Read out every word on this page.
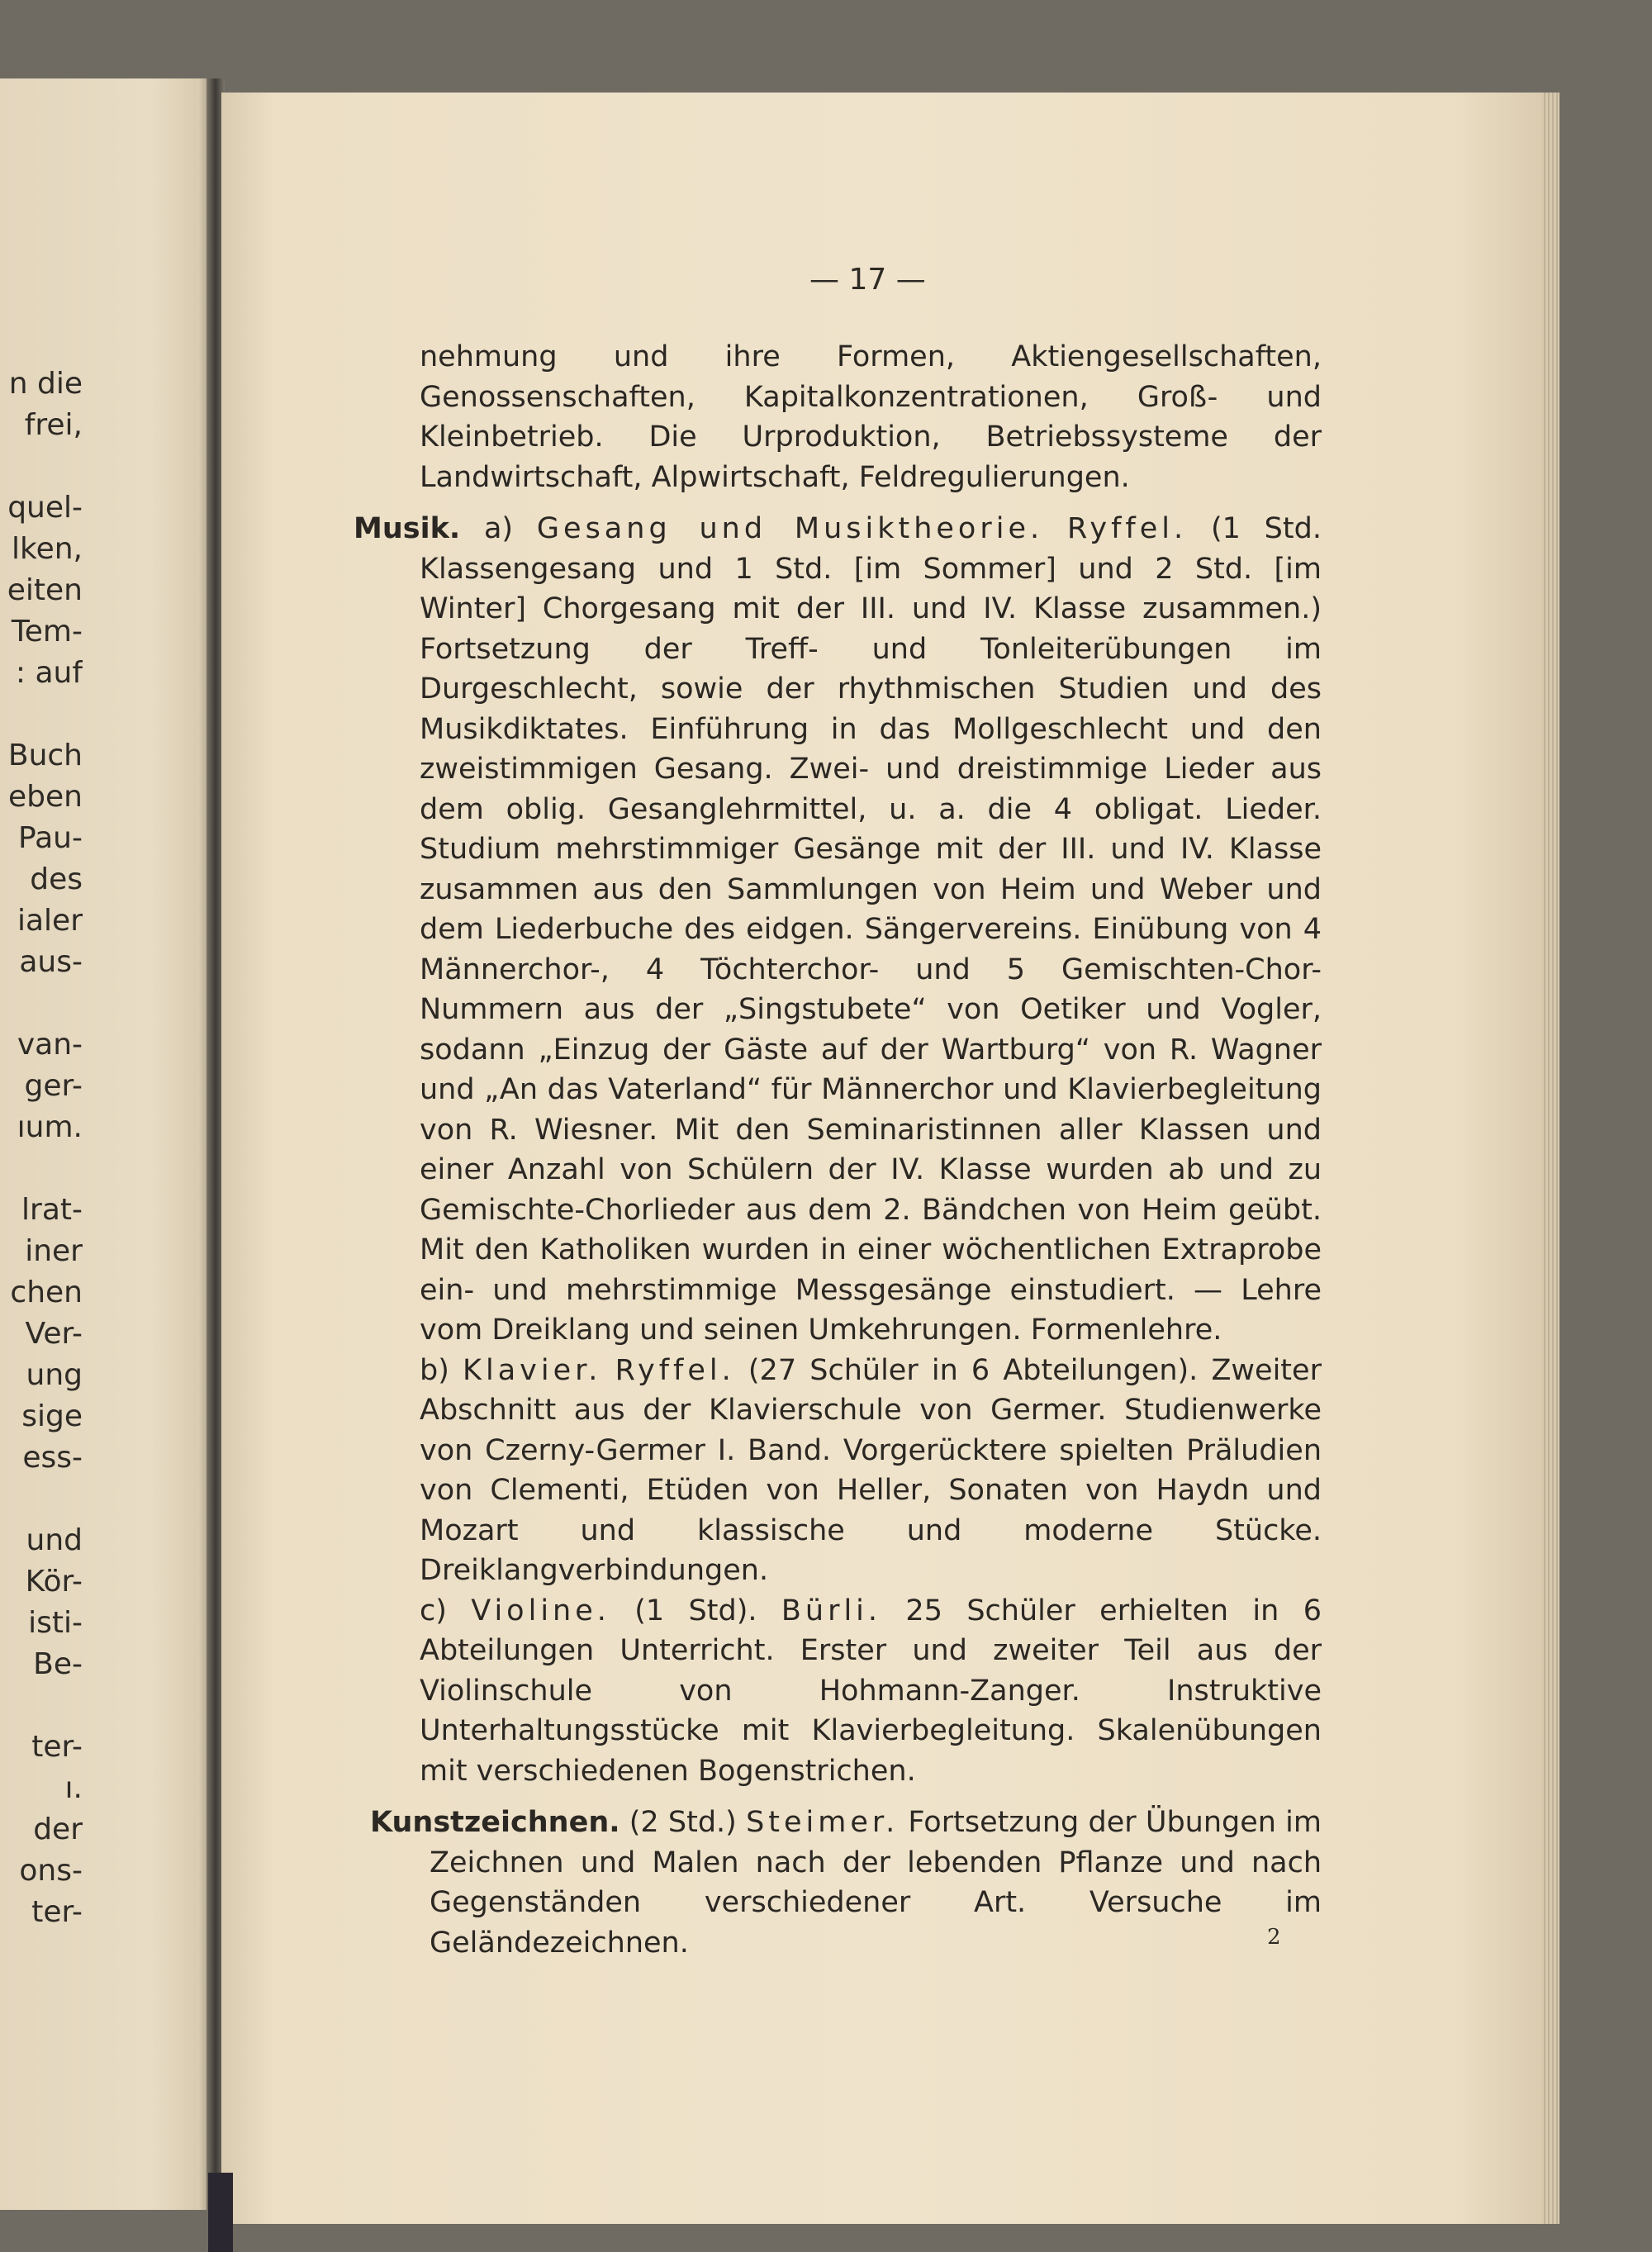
n die
frei,
quel-
lken,
eiten
Tem-
: auf
Buch
eben
Pau-
des
ialer
aus-
van-
ger-
ıum.
lrat-
iner
chen
Ver-
ung
sige
ess-
und
Kör-
isti-
Be-
ter-
ı.
der
ons-
ter-
— 17 —

nehmung und ihre Formen, Aktiengesellschaften, Genossenschaften, Kapitalkonzentrationen, Groß- und Kleinbetrieb. Die Urproduktion, Betriebssysteme der Landwirtschaft, Alpwirtschaft, Feldregulierungen.

Musik. a) Gesang und Musiktheorie. Ryffel. (1 Std. Klassengesang und 1 Std. [im Sommer] und 2 Std. [im Winter] Chorgesang mit der III. und IV. Klasse zusammen.) Fortsetzung der Treff- und Tonleiterübungen im Durgeschlecht, sowie der rhythmischen Studien und des Musikdiktates. Einführung in das Mollgeschlecht und den zweistimmigen Gesang. Zwei- und dreistimmige Lieder aus dem oblig. Gesanglehrmittel, u. a. die 4 obligat. Lieder. Studium mehrstimmiger Gesänge mit der III. und IV. Klasse zusammen aus den Sammlungen von Heim und Weber und dem Liederbuche des eidgen. Sängervereins. Einübung von 4 Männerchor-, 4 Töchterchor- und 5 Gemischten-Chor-Nummern aus der „Singstubete“ von Oetiker und Vogler, sodann „Einzug der Gäste auf der Wartburg“ von R. Wagner und „An das Vaterland“ für Männerchor und Klavierbegleitung von R. Wiesner. Mit den Seminaristinnen aller Klassen und einer Anzahl von Schülern der IV. Klasse wurden ab und zu Gemischte-Chorlieder aus dem 2. Bändchen von Heim geübt. Mit den Katholiken wurden in einer wöchentlichen Extraprobe ein- und mehrstimmige Messgesänge einstudiert. — Lehre vom Dreiklang und seinen Umkehrungen. Formenlehre.

b) Klavier. Ryffel. (27 Schüler in 6 Abteilungen). Zweiter Abschnitt aus der Klavierschule von Germer. Studienwerke von Czerny-Germer I. Band. Vorgerücktere spielten Präludien von Clementi, Etüden von Heller, Sonaten von Haydn und Mozart und klassische und moderne Stücke. Dreiklangverbindungen.

c) Violine. (1 Std). Bürli. 25 Schüler erhielten in 6 Abteilungen Unterricht. Erster und zweiter Teil aus der Violinschule von Hohmann-Zanger. Instruktive Unterhaltungsstücke mit Klavierbegleitung. Skalenübungen mit verschiedenen Bogenstrichen.

Kunstzeichnen. (2 Std.) Steimer. Fortsetzung der Übungen im Zeichnen und Malen nach der lebenden Pflanze und nach Gegenständen verschiedener Art. Versuche im Geländezeichnen.	2
